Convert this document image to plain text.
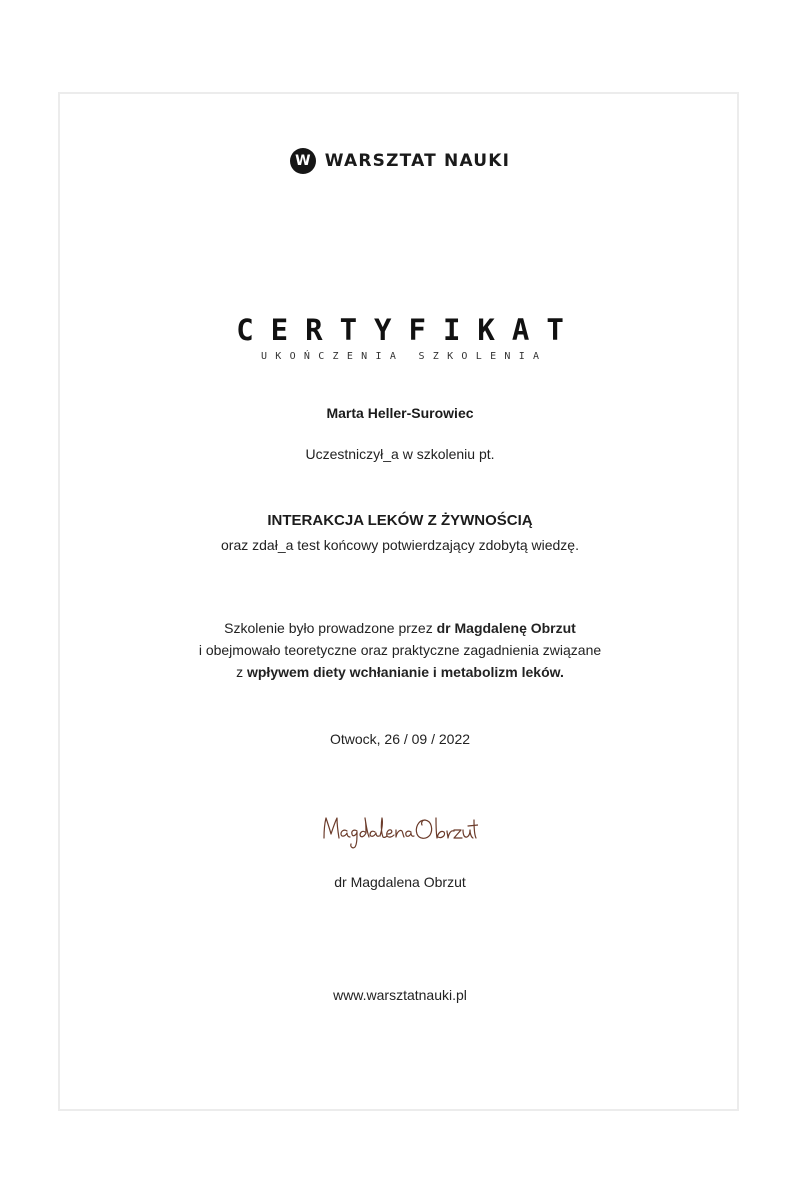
W WARSZTAT NAUKI
CERTYFIKAT
UKOŃCZENIA SZKOLENIA
Marta Heller-Surowiec
Uczestniczył_a w szkoleniu pt.
INTERAKCJA LEKÓW Z ŻYWNOŚCIĄ
oraz zdał_a test końcowy potwierdzający zdobytą wiedzę.
Szkolenie było prowadzone przez dr Magdalenę Obrzut
i obejmowało teoretyczne oraz praktyczne zagadnienia związane
z wpływem diety wchłanianie i metabolizm leków.
Otwock, 26 / 09 / 2022
dr Magdalena Obrzut
www.warsztatnauki.pl
